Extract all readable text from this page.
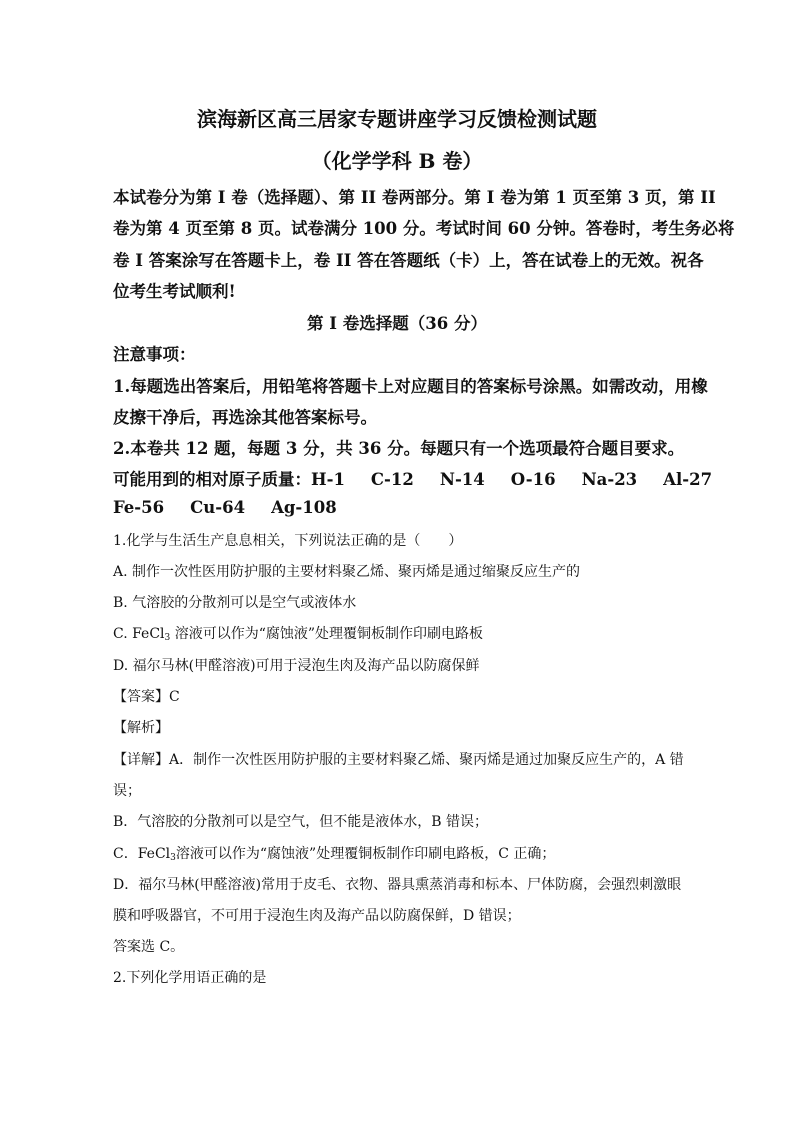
滨海新区高三居家专题讲座学习反馈检测试题
（化学学科 B 卷）
本试卷分为第 I 卷（选择题）、第 II 卷两部分。第 I 卷为第 1 页至第 3 页，第 II
卷为第 4 页至第 8 页。试卷满分 100 分。考试时间 60 分钟。答卷时，考生务必将
卷 I 答案涂写在答题卡上，卷 II 答在答题纸（卡）上，答在试卷上的无效。祝各
位考生考试顺利!
第 I 卷选择题（36 分）
注意事项：
1.每题选出答案后，用铅笔将答题卡上对应题目的答案标号涂黑。如需改动，用橡
皮擦干净后，再选涂其他答案标号。
2.本卷共 12 题，每题 3 分，共 36 分。每题只有一个选项最符合题目要求。
可能用到的相对原子质量：H-1 C-12 N-14 O-16 Na-23 Al-27
Fe-56 Cu-64 Ag-108
1.化学与生活生产息息相关，下列说法正确的是（　　）
A. 制作一次性医用防护服的主要材料聚乙烯、聚丙烯是通过缩聚反应生产的
B. 气溶胶的分散剂可以是空气或液体水
C. FeCl$_3$ 溶液可以作为“腐蚀液”处理覆铜板制作印刷电路板
D. 福尔马林(甲醛溶液)可用于浸泡生肉及海产品以防腐保鲜
【答案】C
【解析】
【详解】A．制作一次性医用防护服的主要材料聚乙烯、聚丙烯是通过加聚反应生产的，A 错
误；
B．气溶胶的分散剂可以是空气，但不能是液体水，B 错误；
C．FeCl$_3$溶液可以作为“腐蚀液”处理覆铜板制作印刷电路板，C 正确；
D．福尔马林(甲醛溶液)常用于皮毛、衣物、器具熏蒸消毒和标本、尸体防腐，会强烈刺激眼
膜和呼吸器官，不可用于浸泡生肉及海产品以防腐保鲜，D 错误；
答案选 C。
2.下列化学用语正确的是
